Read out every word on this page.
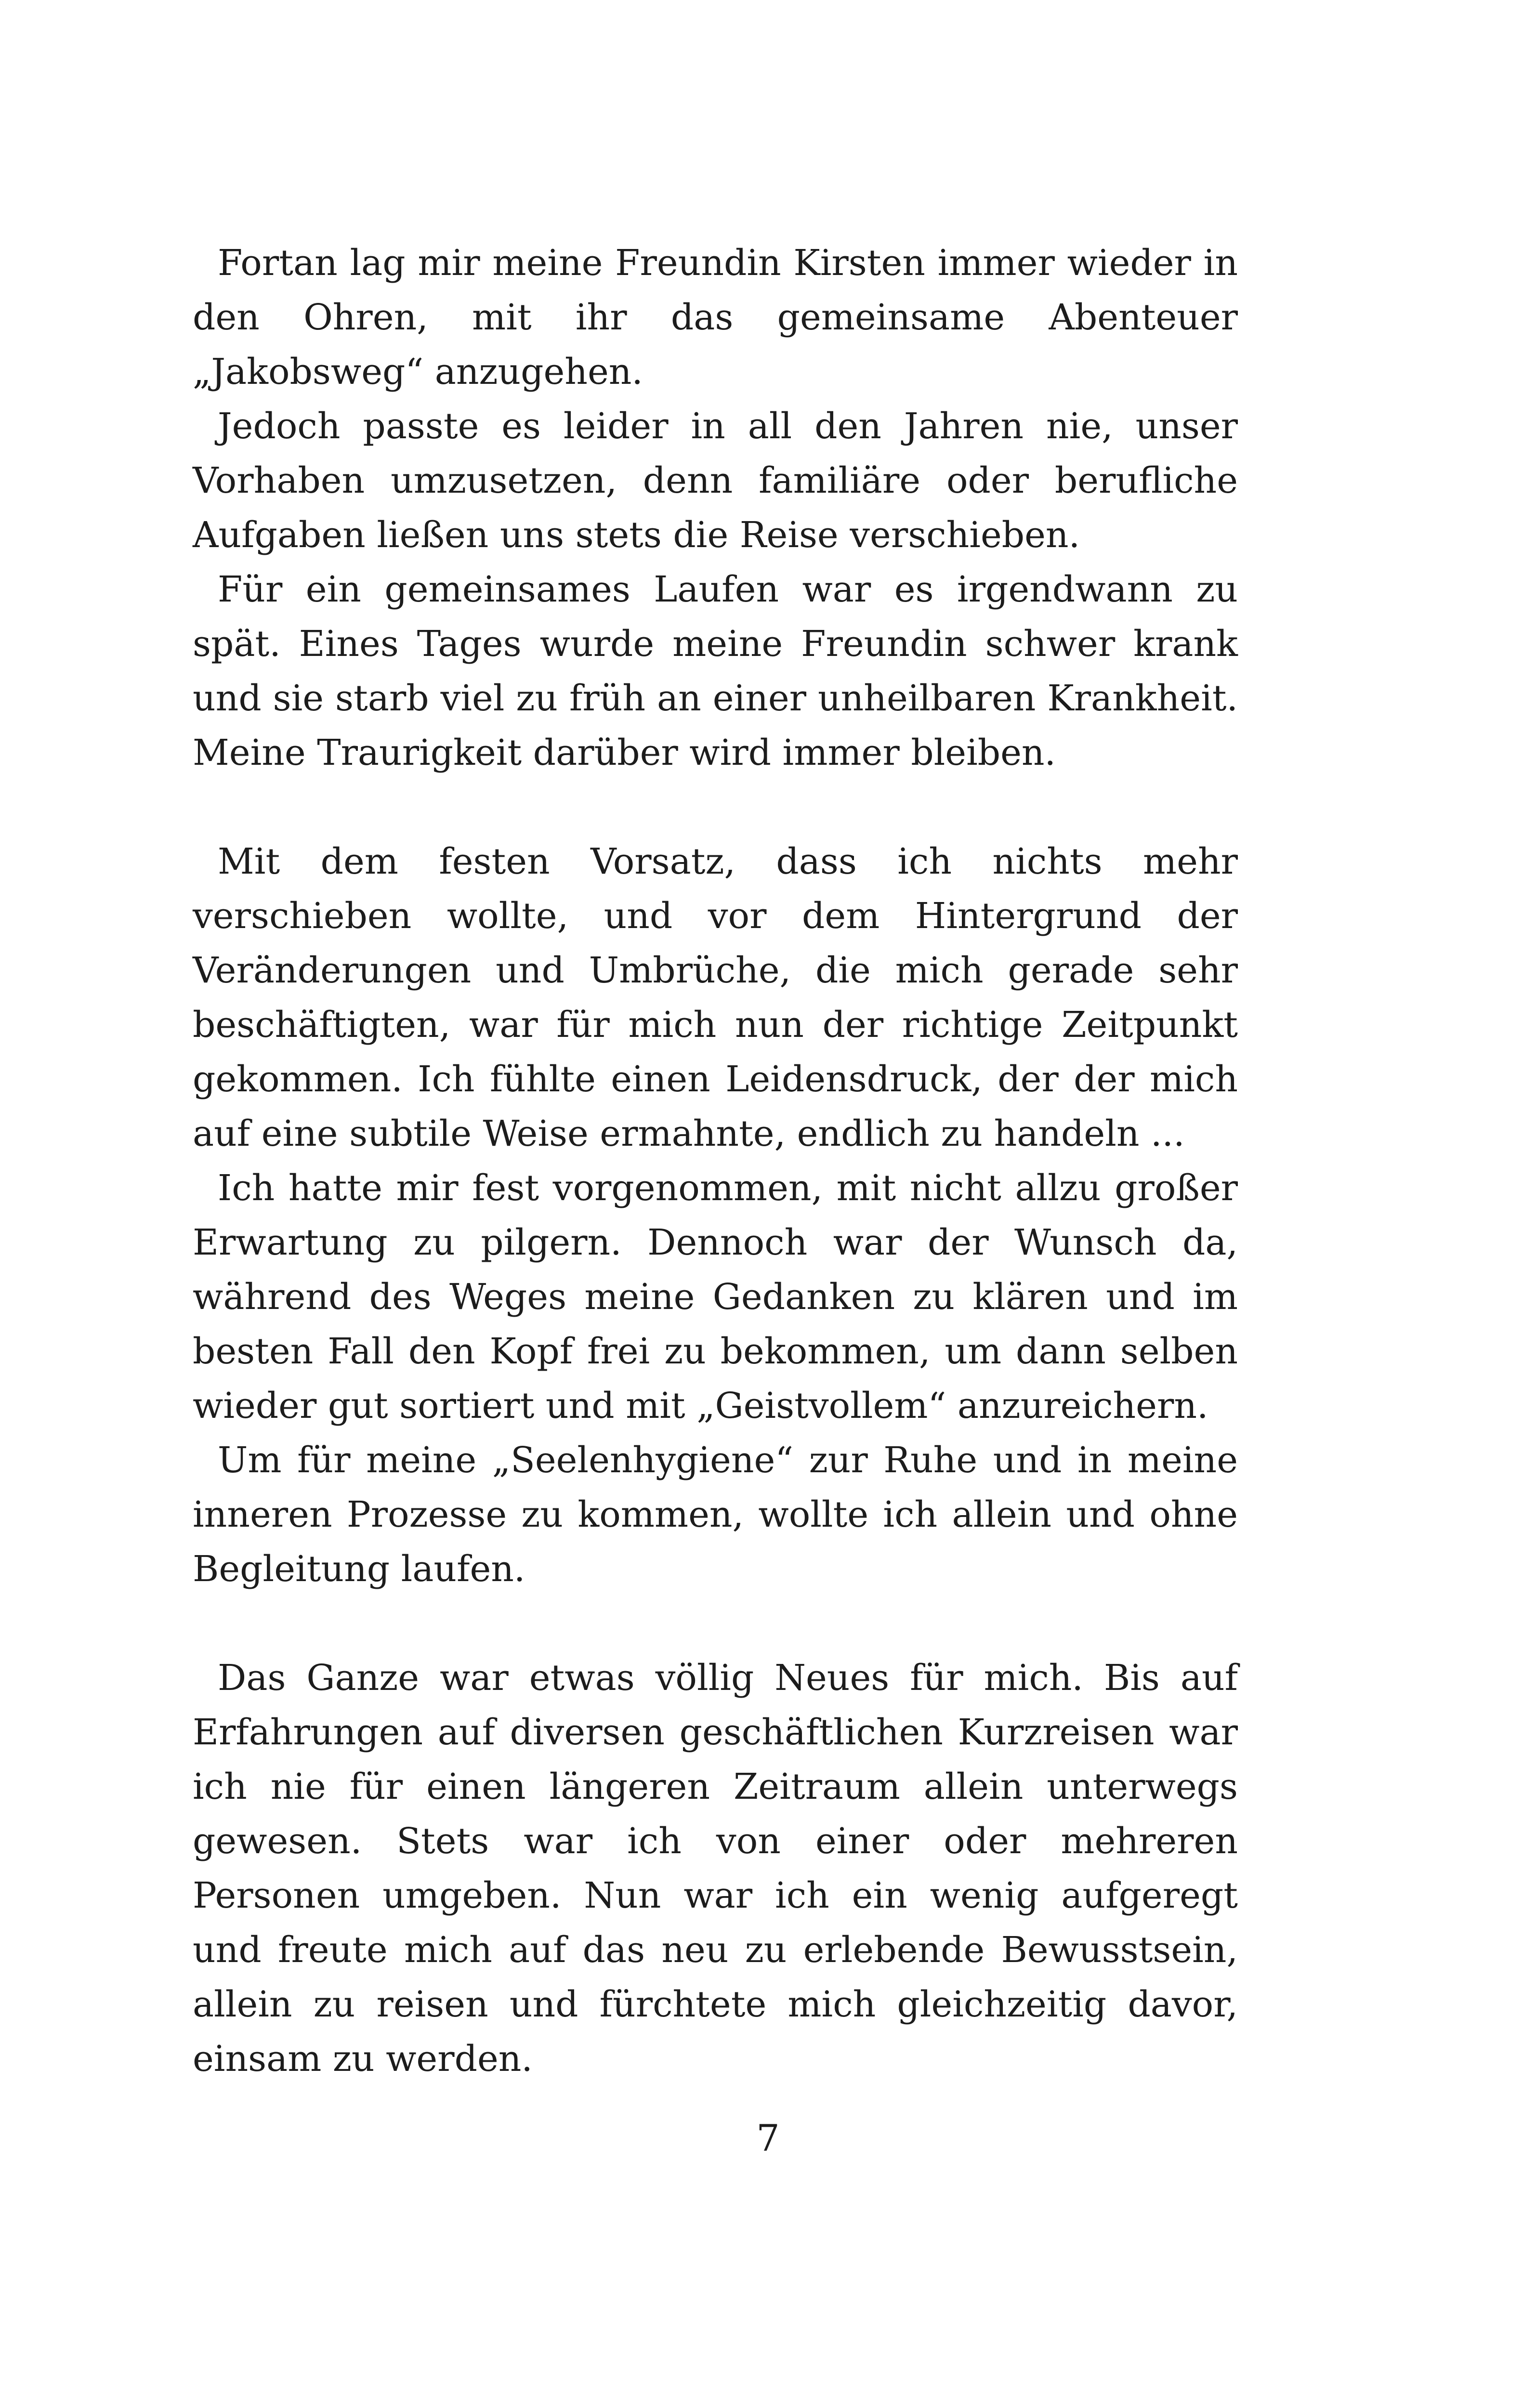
Fortan lag mir meine Freundin Kirsten immer wieder in den Ohren, mit ihr das gemeinsame Abenteuer „Jakobsweg“ anzugehen.

Jedoch passte es leider in all den Jahren nie, unser Vorhaben umzusetzen, denn familiäre oder berufliche Aufgaben ließen uns stets die Reise verschieben.

Für ein gemeinsames Laufen war es irgendwann zu spät. Eines Tages wurde meine Freundin schwer krank und sie starb viel zu früh an einer unheilbaren Krankheit. Meine Traurigkeit darüber wird immer bleiben.

Mit dem festen Vorsatz, dass ich nichts mehr verschieben wollte, und vor dem Hintergrund der Veränderungen und Umbrüche, die mich gerade sehr beschäftigten, war für mich nun der richtige Zeitpunkt gekommen. Ich fühlte einen Leidensdruck, der der mich auf eine subtile Weise ermahnte, endlich zu handeln ...

Ich hatte mir fest vorgenommen, mit nicht allzu großer Erwartung zu pilgern. Dennoch war der Wunsch da, während des Weges meine Gedanken zu klären und im besten Fall den Kopf frei zu bekommen, um dann selben wieder gut sortiert und mit „Geistvollem“ anzureichern.

Um für meine „Seelenhygiene“ zur Ruhe und in meine inneren Prozesse zu kommen, wollte ich allein und ohne Begleitung laufen.

Das Ganze war etwas völlig Neues für mich. Bis auf Erfahrungen auf diversen geschäftlichen Kurzreisen war ich nie für einen längeren Zeitraum allein unterwegs gewesen. Stets war ich von einer oder mehreren Personen umgeben. Nun war ich ein wenig aufgeregt und freute mich auf das neu zu erlebende Bewusstsein, allein zu reisen und fürchtete mich gleichzeitig davor, einsam zu werden.

7
